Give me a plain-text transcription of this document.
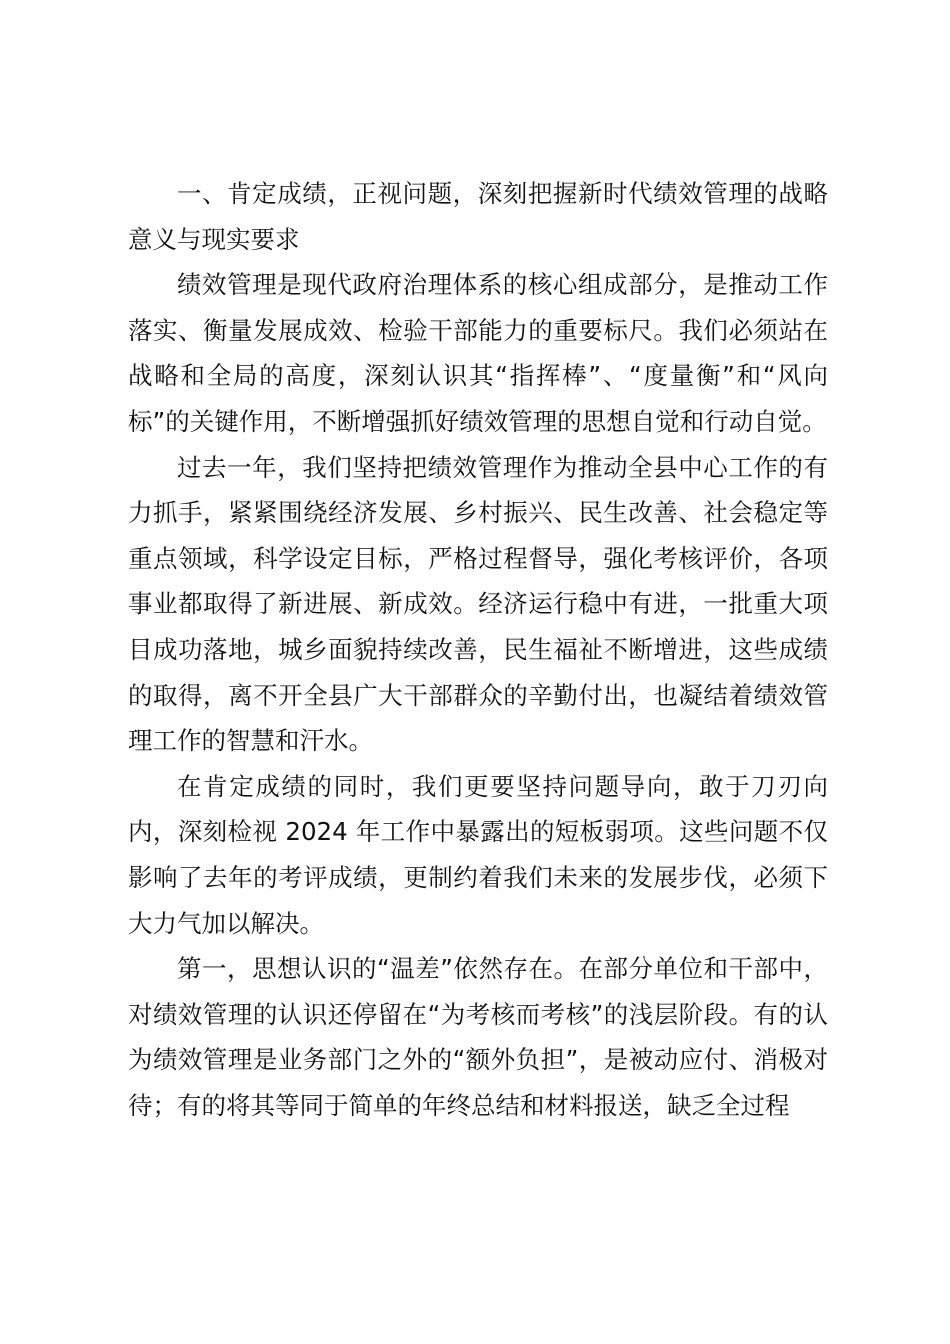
一、肯定成绩，正视问题，深刻把握新时代绩效管理的战略意义与现实要求

绩效管理是现代政府治理体系的核心组成部分，是推动工作落实、衡量发展成效、检验干部能力的重要标尺。我们必须站在战略和全局的高度，深刻认识其“指挥棒”、“度量衡”和“风向标”的关键作用，不断增强抓好绩效管理的思想自觉和行动自觉。

过去一年，我们坚持把绩效管理作为推动全县中心工作的有力抓手，紧紧围绕经济发展、乡村振兴、民生改善、社会稳定等重点领域，科学设定目标，严格过程督导，强化考核评价，各项事业都取得了新进展、新成效。经济运行稳中有进，一批重大项目成功落地，城乡面貌持续改善，民生福祉不断增进，这些成绩的取得，离不开全县广大干部群众的辛勤付出，也凝结着绩效管理工作的智慧和汗水。

在肯定成绩的同时，我们更要坚持问题导向，敢于刀刃向内，深刻检视 2024 年工作中暴露出的短板弱项。这些问题不仅影响了去年的考评成绩，更制约着我们未来的发展步伐，必须下大力气加以解决。

第一，思想认识的“温差”依然存在。在部分单位和干部中，对绩效管理的认识还停留在“为考核而考核”的浅层阶段。有的认为绩效管理是业务部门之外的“额外负担”，是被动应付、消极对待；有的将其等同于简单的年终总结和材料报送，缺乏全过程
